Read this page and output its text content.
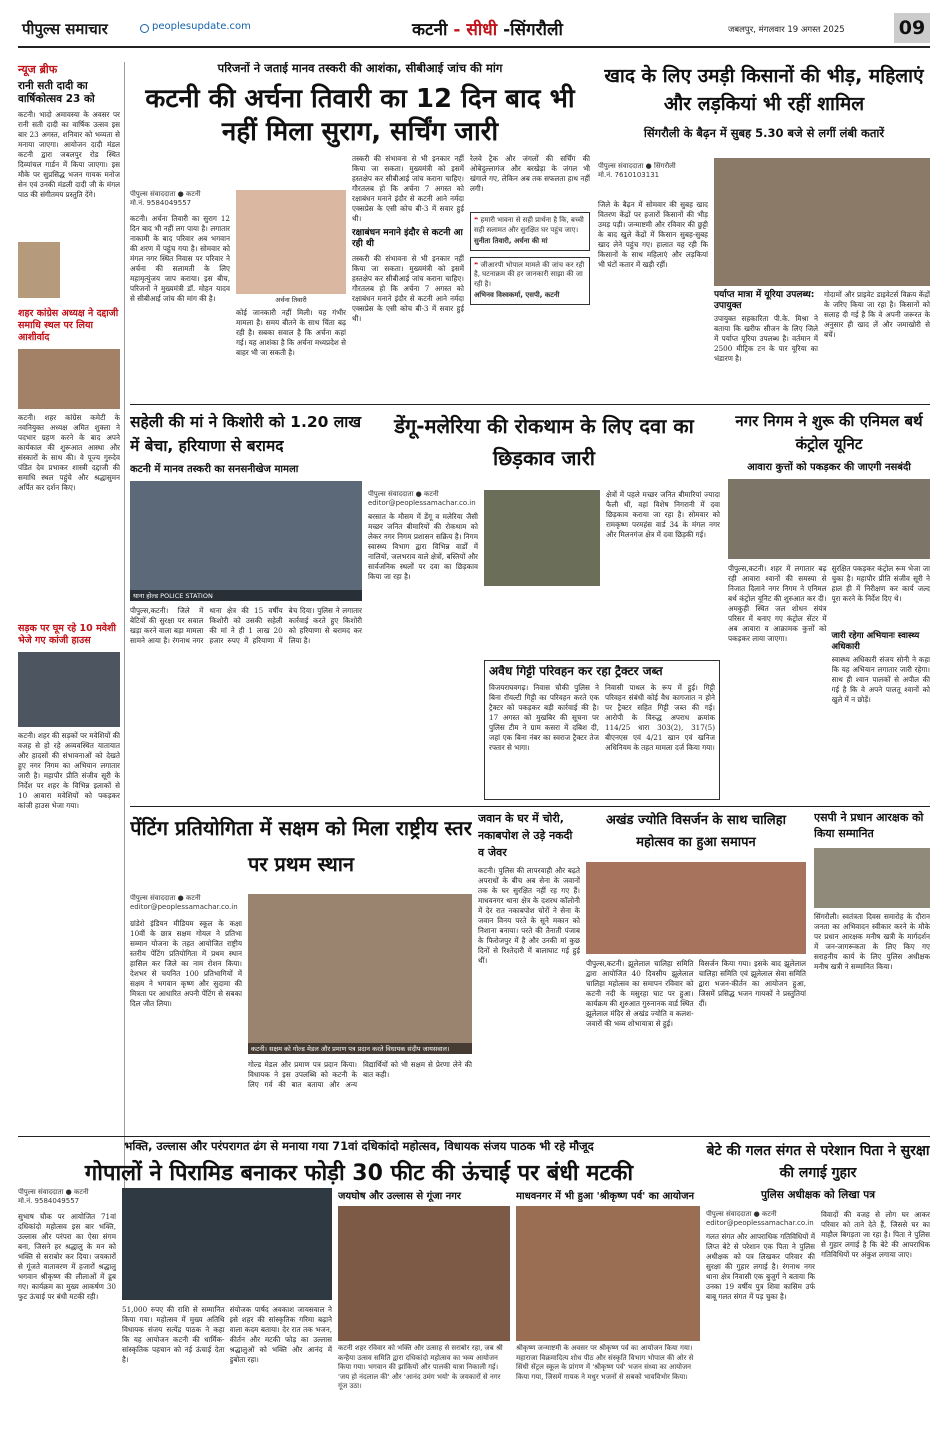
पीपुल्स समाचार	peoplesupdate.com	कटनी - सीधी -सिंगरौली	जबलपुर, मंगलवार 19 अगस्त 2025	09
न्यूज ब्रीफ
रानी सती दादी का वार्षिकोत्सव 23 को
कटनी। भादो अमावस्या के अवसर पर रानी सती दादी का वार्षिक उत्सव इस बार 23 अगस्त, शनिवार को भव्यता से मनाया जाएगा। आयोजन दादी मंडल कटनी द्वारा जबलपुर रोड स्थित दिव्यांचल गार्डन में किया जाएगा। इस मौके पर सुप्रसिद्ध भजन गायक मनोज सेन एवं उनकी मंडली दादी जी के मंगल पाठ की संगीतमय प्रस्तुति देंगे।
शहर कांग्रेस अध्यक्ष ने दद्दाजी समाधि स्थल पर लिया आशीर्वाद
कटनी। शहर कांग्रेस कमेटी के नवनियुक्त अध्यक्ष अमित शुक्ला ने पदभार ग्रहण करने के बाद अपने कार्यकाल की शुरूआत आस्था और संस्कारों के साथ की। वे पूज्य गुरुदेव पंडित देव प्रभाकर शास्त्री दद्दाजी की समाधि स्थल पहुंचे और श्रद्धासुमन अर्पित कर दर्शन किए।
सड़क पर घूम रहे 10 मवेशी भेजे गए कांजी हाउस
कटनी। शहर की सड़कों पर मवेशियों की वजह से हो रहे अव्यवस्थित यातायात और हादसों की संभावनाओं को देखते हुए नगर निगम का अभियान लगातार जारी है। महापौर प्रीति संजीव सूरी के निर्देश पर शहर के विभिन्न इलाकों से 10 आवारा मवेशियों को पकड़कर कांजी हाउस भेजा गया।
परिजनों ने जताई मानव तस्करी की आशंका, सीबीआई जांच की मांग
कटनी की अर्चना तिवारी का 12 दिन बाद भी नहीं मिला सुराग, सर्चिंग जारी
पीपुल्स संवाददाता ● कटनी
मो.नं. 9584049557
कटनी। अर्चना तिवारी का सुराग 12 दिन बाद भी नहीं लग पाया है। लगातार नाकामी के बाद परिवार अब भगवान की शरण में पहुंच गया है। सोमवार को मंगल नगर स्थित निवास पर परिवार ने अर्चना की सलामती के लिए महामृत्युंजय जाप कराया। इस बीच, परिजनों ने मुख्यमंत्री डॉ. मोहन यादव से सीबीआई जांच की मांग की है।	अर्चना तिवारी
कोई जानकारी नहीं मिली। यह गंभीर मामला है। समय बीतने के साथ चिंता बढ़ रही है। सबका सवाल है कि अर्चना कहां गई। यह आशंका है कि अर्चना मध्यप्रदेश से बाहर भी जा सकती है।
तस्करी की संभावना से भी इनकार नहीं किया जा सकता। मुख्यमंत्री को इसमें हस्तक्षेप कर सीबीआई जांच कराना चाहिए। गौरतलब हो कि अर्चना 7 अगस्त को रक्षाबंधन मनाने इंदौर से कटनी आने नर्मदा एक्सप्रेस के एसी कोच बी-3 में सवार हुई थी।
रक्षाबंधन मनाने इंदौर से कटनी आ रही थी
तस्करी की संभावना से भी इनकार नहीं किया जा सकता। मुख्यमंत्री को इसमें हस्तक्षेप कर सीबीआई जांच कराना चाहिए। गौरतलब हो कि अर्चना 7 अगस्त को रक्षाबंधन मनाने इंदौर से कटनी आने नर्मदा एक्सप्रेस के एसी कोच बी-3 में सवार हुई थी।
रेलवे ट्रैक और जंगलों की सर्चिंग की ओबेदुल्लागंज और बरखेड़ा के जंगल भी खंगाले गए, लेकिन अब तक सफलता हाथ नहीं लगी।
❝ हमारी भावना से सही प्रार्थना है कि, बच्ची सही सलामत और सुरक्षित घर पहुंच जाए।
सुनीता तिवारी, अर्चना की मां
❝ जीआरपी भोपाल मामले की जांच कर रही है, घटनाक्रम की हर जानकारी साझा की जा रही है।
अभिनव विश्वकर्मा, एसपी, कटनी
खाद के लिए उमड़ी किसानों की भीड़, महिलाएं और लड़कियां भी रहीं शामिल
सिंगरौली के बैढ़न में सुबह 5.30 बजे से लगीं लंबी कतारें
पीपुल्स संवाददाता ● सिंगरौली
मो.नं. 7610103131
जिले के बैढ़न में सोमवार की सुबह खाद वितरण केंद्रों पर हजारों किसानों की भीड़ उमड़ पड़ी। जन्माष्टमी और रविवार की छुट्टी के बाद खुले केंद्रों में किसान सुबह-सुबह खाद लेने पहुंच गए। हालात यह रही कि किसानों के साथ महिलाएं और लड़कियां भी घंटों कतार में खड़ी रहीं।
पर्याप्त मात्रा में यूरिया उपलब्ध: उपायुक्त
उपायुक्त सहकारिता पी.के. मिश्रा ने बताया कि खरीफ सीजन के लिए जिले में पर्याप्त यूरिया उपलब्ध है। वर्तमान में 2500 मीट्रिक टन के पार यूरिया का भंडारण है।
गोदामों और प्राइवेट डाइवेटर्स विक्रय केंद्रों के जरिए किया जा रहा है। किसानों को सलाह दी गई है कि वे अपनी जरूरत के अनुसार ही खाद लें और जमाखोरी से बचें।
सहेली की मां ने किशोरी को 1.20 लाख में बेचा, हरियाणा से बरामद
कटनी में मानव तस्करी का सनसनीखेज मामला
थाना होल्ड POLICE STATION
पीपुल्स,कटनी। जिले में बेटियों की सुरक्षा पर सवाल खड़ा करने वाला बड़ा मामला सामने आया है। रंगनाथ नगर थाना क्षेत्र की 15 वर्षीय किशोरी को उसकी सहेली की मां ने ही 1 लाख 20 हजार रुपए में हरियाणा में बेच दिया। पुलिस ने लगातार कार्रवाई करते हुए किशोरी को हरियाणा से बरामद कर लिया है।
डेंगू-मलेरिया की रोकथाम के लिए दवा का छिड़काव जारी
पीपुल्स संवाददाता ● कटनी
editor@peoplessamachar.co.in
बरसात के मौसम में डेंगू व मलेरिया जैसी मच्छर जनित बीमारियों की रोकथाम को लेकर नगर निगम प्रशासन सक्रिय है। निगम स्वास्थ्य विभाग द्वारा विभिन्न वार्डों में नालियों, जलभराव वाले क्षेत्रों, बस्तियों और सार्वजनिक स्थलों पर दवा का छिड़काव किया जा रहा है।
क्षेत्रों में पहले मच्छर जनित बीमारियां ज्यादा फैली थीं, वहां विशेष निगरानी में दवा छिड़काव कराया जा रहा है। सोमवार को रामकृष्ण परमहंस वार्ड 34 के मंगल नगर और मिलनगंज क्षेत्र में दवा छिड़की गई।
अवैध गिट्टी परिवहन कर रहा ट्रैक्टर जब्त
विजयराघवगढ़। निवास चौकी पुलिस ने बिना रॉयल्टी गिट्टी का परिवहन करते एक ट्रैक्टर को पकड़कर बड़ी कार्रवाई की है। 17 अगस्त को मुखबिर की सूचना पर पुलिस टीम ने ग्राम कसरा में दबिश दी, जहां एक बिना नंबर का स्वराज ट्रैक्टर तेज रफ्तार से भागा।
निवासी पाथल के रूप में हुई। गिट्टी परिवहन संबंधी कोई वैध कागजात न होने पर ट्रैक्टर सहित गिट्टी जब्त की गई। आरोपी के विरुद्ध अपराध क्रमांक 114/25 धारा 303(2), 317(5) बीएनएस एवं 4/21 खान एवं खनिज अधिनियम के तहत मामला दर्ज किया गया।
नगर निगम ने शुरू की एनिमल बर्थ कंट्रोल यूनिट
आवारा कुत्तों को पकड़कर की जाएगी नसबंदी
पीपुल्स,कटनी। शहर में लगातार बढ़ रही आवारा श्वानों की समस्या से निजात दिलाने नगर निगम ने एनिमल बर्थ कंट्रोल यूनिट की शुरुआत कर दी। अमकुही स्थित जल शोधन संयंत्र परिसर में बनाए गए कंट्रोल सेंटर में अब आवारा व आक्रामक कुत्तों को पकड़कर लाया जाएगा।
सुरक्षित पकड़कर कंट्रोल रूम भेजा जा चुका है। महापौर प्रीति संजीव सूरी ने हाल ही में निरीक्षण कर कार्य जल्द पूरा करने के निर्देश दिए थे।
जारी रहेगा अभियानः स्वास्थ्य अधिकारी
स्वास्थ्य अधिकारी संजय सोनी ने कहा कि यह अभियान लगातार जारी रहेगा। साथ ही श्वान पालकों से अपील की गई है कि वे अपने पालतू श्वानों को खुले में न छोड़ें।
पेंटिंग प्रतियोगिता में सक्षम को मिला राष्ट्रीय स्तर पर प्रथम स्थान
पीपुल्स संवाददाता ● कटनी
editor@peoplessamachar.co.in
ग्रांडेरो इंडियन मीडियम स्कूल के कक्षा 10वीं के छात्र सक्षम गोयल ने प्रतिभा सम्मान योजना के तहत आयोजित राष्ट्रीय स्तरीय पेंटिंग प्रतियोगिता में प्रथम स्थान हासिल कर जिले का नाम रोशन किया। देशभर से चयनित 100 प्रतिभागियों में सक्षम ने भगवान कृष्ण और सुदामा की मित्रता पर आधारित अपनी पेंटिंग से सबका दिल जीत लिया।
कटनी। सक्षम को गोल्ड मेडल और प्रमाण पत्र प्रदान करते विधायक संदीप जायसवाल।
गोल्ड मेडल और प्रमाण पत्र प्रदान किया। विधायक ने इस उपलब्धि को कटनी के लिए गर्व की बात बताया और अन्य विद्यार्थियों को भी सक्षम से प्रेरणा लेने की बात कही।
जवान के घर में चोरी, नकाबपोश ले उड़े नकदी व जेवर
कटनी। पुलिस की लापरवाही और बढ़ते अपराधों के बीच अब सेना के जवानों तक के घर सुरक्षित नहीं रह गए हैं। माधवनगर थाना क्षेत्र के दशरथ कॉलोनी में देर रात नकाबपोश चोरों ने सेना के जवान विनय परते के सूने मकान को निशाना बनाया। परते की तैनाती पंजाब के फिरोजपुर में है और उनकी मां कुछ दिनों से रिश्तेदारी में बालाघाट गई हुई थीं।
अखंड ज्योति विसर्जन के साथ चालिहा महोत्सव का हुआ समापन
पीपुल्स,कटनी। झूलेलाल चालिहा समिति द्वारा आयोजित 40 दिवसीय झूलेलाल चालिहा महोत्सव का समापन रविवार को कटनी नदी के मसुरहा घाट पर हुआ। कार्यक्रम की शुरुआत गुरुनानक वार्ड स्थित झूलेलाल मंदिर से अखंड ज्योति व कलश-जवारों की भव्य शोभायात्रा से हुई।
विसर्जन किया गया। इसके बाद झूलेलाल चालिहा समिति एवं झूलेलाल सेवा समिति द्वारा भजन-कीर्तन का आयोजन हुआ, जिसमें प्रसिद्ध भजन गायकों ने प्रस्तुतियां दीं।
एसपी ने प्रधान आरक्षक को किया सम्मानित
सिंगरौली। स्वतंत्रता दिवस समारोह के दौरान जनता का अभिवादन स्वीकार करने के मौके पर प्रधान आरक्षक मनीष खत्री के मार्गदर्शन में जन-जागरूकता के लिए किए गए सराहनीय कार्य के लिए पुलिस अधीक्षक मनीष खत्री ने सम्मानित किया।
भक्ति, उल्लास और परंपरागत ढंग से मनाया गया 71वां दधिकांदो महोत्सव, विधायक संजय पाठक भी रहे मौजूद
गोपालों ने पिरामिड बनाकर फोड़ी 30 फीट की ऊंचाई पर बंधी मटकी
पीपुल्स संवाददाता ● कटनी
मो.नं. 9584049557
सुभाष चौक पर आयोजित 71वां दधिकांदो महोत्सव इस बार भक्ति, उल्लास और परंपरा का ऐसा संगम बना, जिसने हर श्रद्धालु के मन को भक्ति से सराबोर कर दिया। जयकारों से गूंजते वातावरण में हजारों श्रद्धालु भगवान श्रीकृष्ण की लीलाओं में डूब गए। कार्यक्रम का मुख्य आकर्षण 30 फुट ऊंचाई पर बंधी मटकी रही।
51,000 रुपए की राशि से सम्मानित किया गया। महोत्सव में मुख्य अतिथि विधायक संजय सत्येंद्र पाठक ने कहा कि यह आयोजन कटनी की धार्मिक-सांस्कृतिक पहचान को नई ऊंचाई देता है।
संयोजक पार्षद अवकाश जायसवाल ने इसे शहर की सांस्कृतिक गरिमा बढ़ाने वाला कदम बताया। देर रात तक भजन, कीर्तन और मटकी फोड़ का उल्लास श्रद्धालुओं को भक्ति और आनंद में डुबोता रहा।
जयघोष और उल्लास से गूंजा नगर
कटनी शहर रविवार को भक्ति और उत्साह से सराबोर रहा, जब श्री कन्हैया उत्सव समिति द्वारा दधिकांदो महोत्सव का भव्य आयोजन किया गया। भगवान की झांकियों और पालकी यात्रा निकाली गई। 'जय हो नंदलाल की' और 'आनंद उमंग भयो' के जयकारों से नगर गूंज उठा।
माधवनगर में भी हुआ 'श्रीकृष्ण पर्व' का आयोजन
श्रीकृष्ण जन्माष्टमी के अवसर पर श्रीकृष्ण पर्व का आयोजन किया गया। महाराजा विक्रमादित्य शोध पीठ और संस्कृति विभाग भोपाल की ओर से सिंधी सेंट्रल स्कूल के प्रांगण में 'श्रीकृष्ण पर्व' भजन संध्या का आयोजन किया गया, जिसमें गायक ने मधुर भजनों से सबको भावविभोर किया।
बेटे की गलत संगत से परेशान पिता ने सुरक्षा की लगाई गुहार
पुलिस अधीक्षक को लिखा पत्र
पीपुल्स संवाददाता ● कटनी
editor@peoplessamachar.co.in
गलत संगत और आपराधिक गतिविधियों में लिप्त बेटे से परेशान एक पिता ने पुलिस अधीक्षक को पत्र लिखकर परिवार की सुरक्षा की गुहार लगाई है। रंगनाथ नगर थाना क्षेत्र निवासी एक बुजुर्ग ने बताया कि उनका 19 वर्षीय पुत्र शिवा कासिम उर्फ बाबू गलत संगत में पड़ चुका है।
विवादों की वजह से लोग घर आकर परिवार को ताने देते हैं, जिससे घर का माहौल बिगड़ता जा रहा है। पिता ने पुलिस से गुहार लगाई है कि बेटे की आपराधिक गतिविधियों पर अंकुश लगाया जाए।
